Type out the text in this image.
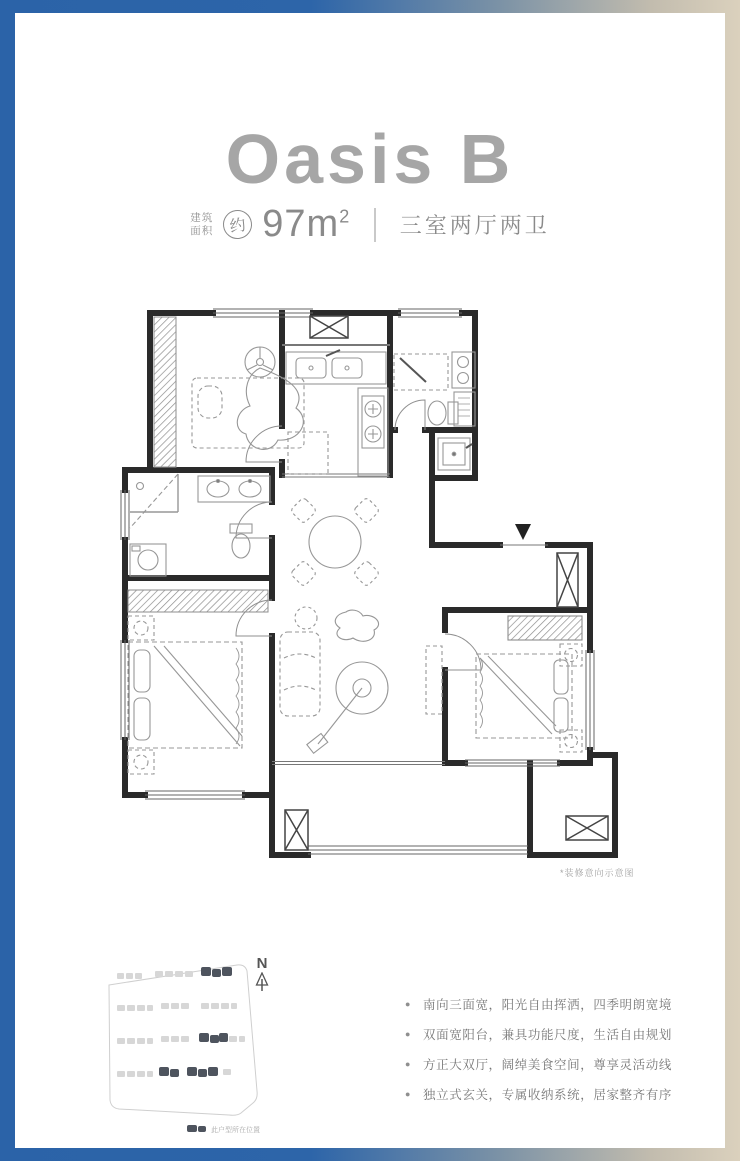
Oasis B
建筑
面积 约 $97m^2$ 三室两厅两卫
*装修意向示意图
此户型所在位置
N
● 南向三面宽，阳光自由挥洒，四季明朗宽境
● 双面宽阳台，兼具功能尺度，生活自由规划
● 方正大双厅，阔绰美食空间，尊享灵活动线
● 独立式玄关，专属收纳系统，居家整齐有序
